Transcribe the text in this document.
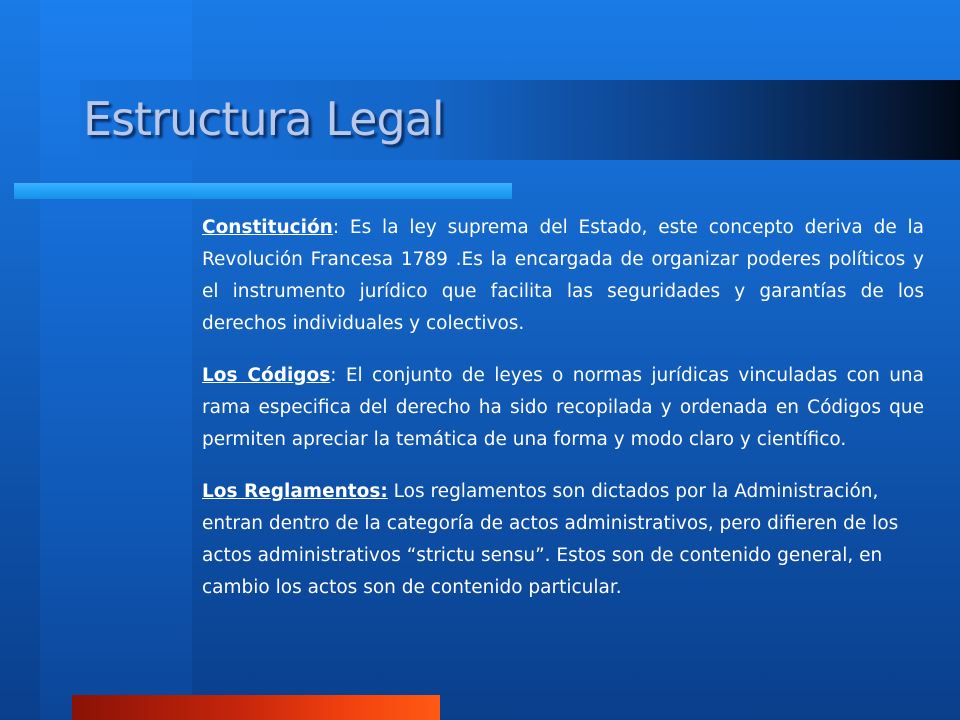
Estructura Legal

Constitución: Es la ley suprema del Estado, este concepto deriva de la Revolución Francesa 1789 .Es la encargada de organizar poderes políticos y el instrumento jurídico que facilita las seguridades y garantías de los derechos individuales y colectivos.

Los Códigos: El conjunto de leyes o normas jurídicas vinculadas con una rama especifica del derecho ha sido recopilada y ordenada en Códigos que permiten apreciar la temática de una forma y modo claro y científico.

Los Reglamentos: Los reglamentos son dictados por la Administración, entran dentro de la categoría de actos administrativos, pero difieren de los actos administrativos “strictu sensu”. Estos son de contenido general, en cambio los actos son de contenido particular.
